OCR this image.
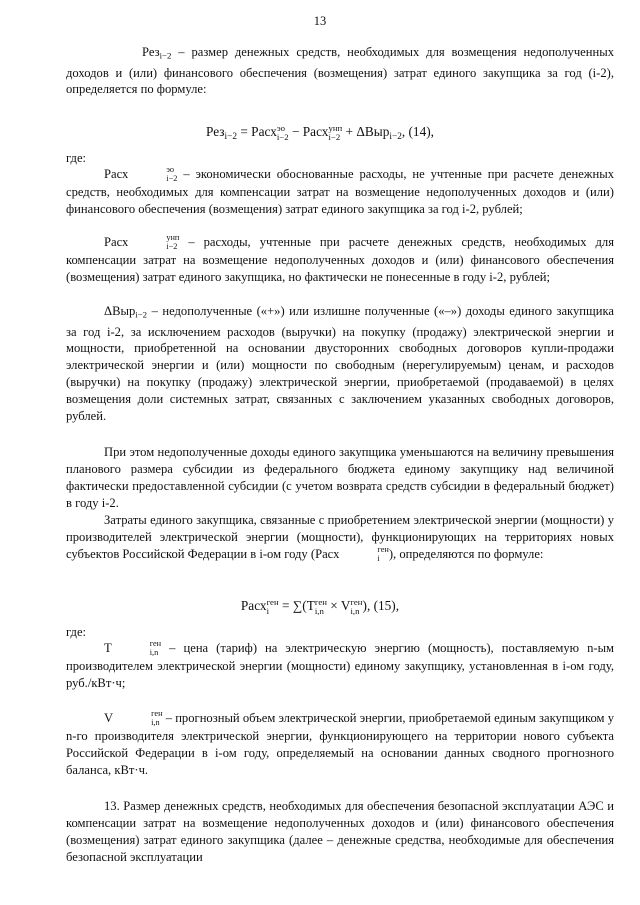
13
Рез$_{i-2}$ – размер денежных средств, необходимых для возмещения недополученных доходов и (или) финансового обеспечения (возмещения) затрат единого закупщика за год (i-2), определяется по формуле:
Рез$_{i-2}$ = Расх эо
i−2 − Расх унп
i−2 + ΔВыр$_{i-2}$, (14),
где:
Расх	эо
i−2 – экономически обоснованные расходы, не учтенные при расчете денежных средств, необходимых для компенсации затрат на возмещение недополученных доходов и (или) финансового обеспечения (возмещения) затрат единого закупщика за год i-2, рублей;
Расх	унп
i−2 – расходы, учтенные при расчете денежных средств, необходимых для компенсации затрат на возмещение недополученных доходов и (или) финансового обеспечения (возмещения) затрат единого закупщика, но фактически не понесенные в году i-2, рублей;
ΔВыр$_{i-2}$ – недополученные («+») или излишне полученные («–») доходы единого закупщика за год i-2, за исключением расходов (выручки) на покупку (продажу) электрической энергии и мощности, приобретенной на основании двусторонних свободных договоров купли-продажи электрической энергии и (или) мощности по свободным (нерегулируемым) ценам, и расходов (выручки) на покупку (продажу) электрической энергии, приобретаемой (продаваемой) в целях возмещения доли системных затрат, связанных с заключением указанных свободных договоров, рублей.
При этом недополученные доходы единого закупщика уменьшаются на величину превышения планового размера субсидии из федерального бюджета единому закупщику над величиной фактически предоставленной субсидии (с учетом возврата средств субсидии в федеральный бюджет) в году i-2.
Затраты единого закупщика, связанные с приобретением электрической энергии (мощности) у производителей электрической энергии (мощности), функционирующих на территориях новых субъектов Российской Федерации в i-ом году (Расх	ген
i ), определяются по формуле:
Расх ген
i = ∑(T ген
i,n × V ген
i,n ), (15),
где:
T	ген
i,n – цена (тариф) на электрическую энергию (мощность), поставляемую n-ым производителем электрической энергии (мощности) единому закупщику, установленная в i-ом году, руб./кВт·ч;
V	ген
i,n – прогнозный объем электрической энергии, приобретаемой единым закупщиком у n-го производителя электрической энергии, функционирующего на территории нового субъекта Российской Федерации в i-ом году, определяемый на основании данных сводного прогнозного баланса, кВт·ч.
13. Размер денежных средств, необходимых для обеспечения безопасной эксплуатации АЭС и компенсации затрат на возмещение недополученных доходов и (или) финансового обеспечения (возмещения) затрат единого закупщика (далее – денежные средства, необходимые для обеспечения безопасной эксплуатации
